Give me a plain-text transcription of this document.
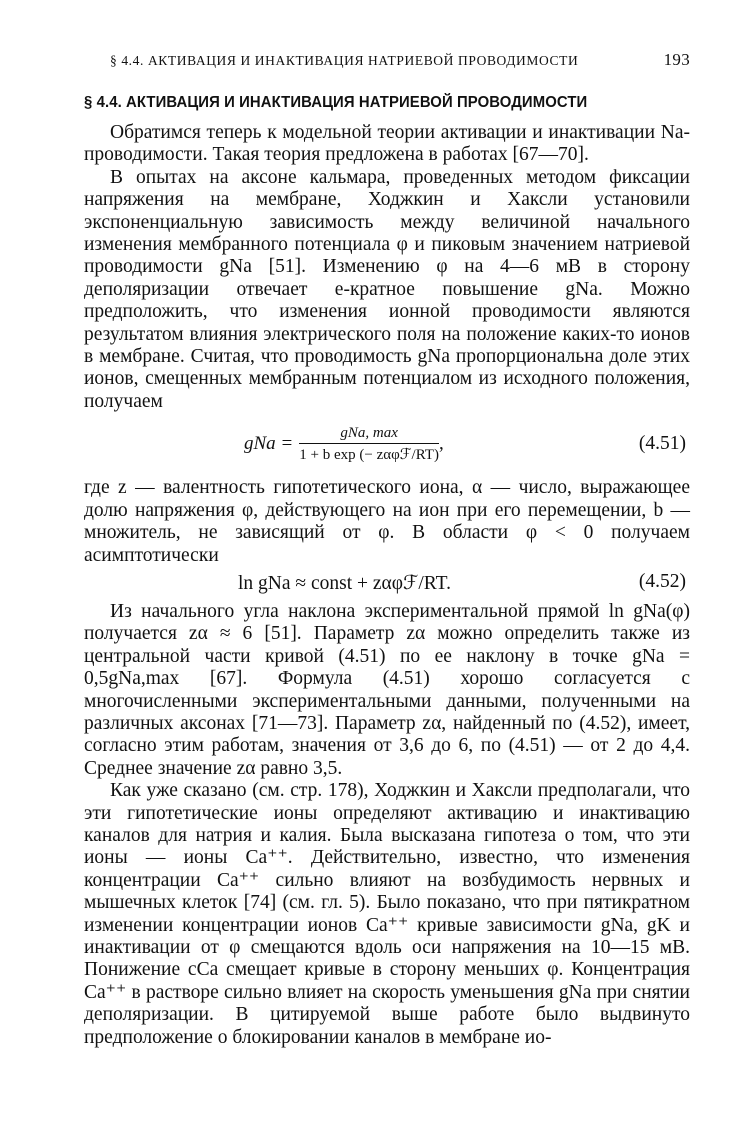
§ 4.4. АКТИВАЦИЯ И ИНАКТИВАЦИЯ НАТРИЕВОЙ ПРОВОДИМОСТИ	193
§ 4.4. АКТИВАЦИЯ И ИНАКТИВАЦИЯ НАТРИЕВОЙ ПРОВОДИМОСТИ

Обратимся теперь к модельной теории активации и инактивации Na-проводимости. Такая теория предложена в работах [67—70].

В опытах на аксоне кальмара, проведенных методом фиксации напряжения на мембране, Ходжкин и Хаксли установили экспоненциальную зависимость между величиной начального изменения мембранного потенциала φ и пиковым значением натриевой проводимости gNa [51]. Изменению φ на 4—6 мВ в сторону деполяризации отвечает e-кратное повышение gNa. Можно предположить, что изменения ионной проводимости являются результатом влияния электрического поля на положение каких-то ионов в мембране. Считая, что проводимость gNa пропорциональна доле этих ионов, смещенных мембранным потенциалом из исходного положения, получаем

gNa = $\frac{\text{gNa, max}}{\text{1 + b exp (− zαφℱ/RT)}}$ ,	(4.51)

где z — валентность гипотетического иона, α — число, выражающее долю напряжения φ, действующего на ион при его перемещении, b — множитель, не зависящий от φ. В области φ < 0 получаем асимптотически

ln gNa ≈ const + zαφℱ/RT.	(4.52)

Из начального угла наклона экспериментальной прямой ln gNa(φ) получается zα ≈ 6 [51]. Параметр zα можно определить также из центральной части кривой (4.51) по ее наклону в точке gNa = 0,5gNa,max [67]. Формула (4.51) хорошо согласуется с многочисленными экспериментальными данными, полученными на различных аксонах [71—73]. Параметр zα, найденный по (4.52), имеет, согласно этим работам, значения от 3,6 до 6, по (4.51) — от 2 до 4,4. Среднее значение zα равно 3,5.

Как уже сказано (см. стр. 178), Ходжкин и Хаксли предполагали, что эти гипотетические ионы определяют активацию и инактивацию каналов для натрия и калия. Была высказана гипотеза о том, что эти ионы — ионы Ca⁺⁺. Действительно, известно, что изменения концентрации Ca⁺⁺ сильно влияют на возбудимость нервных и мышечных клеток [74] (см. гл. 5). Было показано, что при пятикратном изменении концентрации ионов Ca⁺⁺ кривые зависимости gNa, gK и инактивации от φ смещаются вдоль оси напряжения на 10—15 мВ. Понижение cCa смещает кривые в сторону меньших φ. Концентрация Ca⁺⁺ в растворе сильно влияет на скорость уменьшения gNa при снятии деполяризации. В цитируемой выше работе было выдвинуто предположение о блокировании каналов в мембране ио-
